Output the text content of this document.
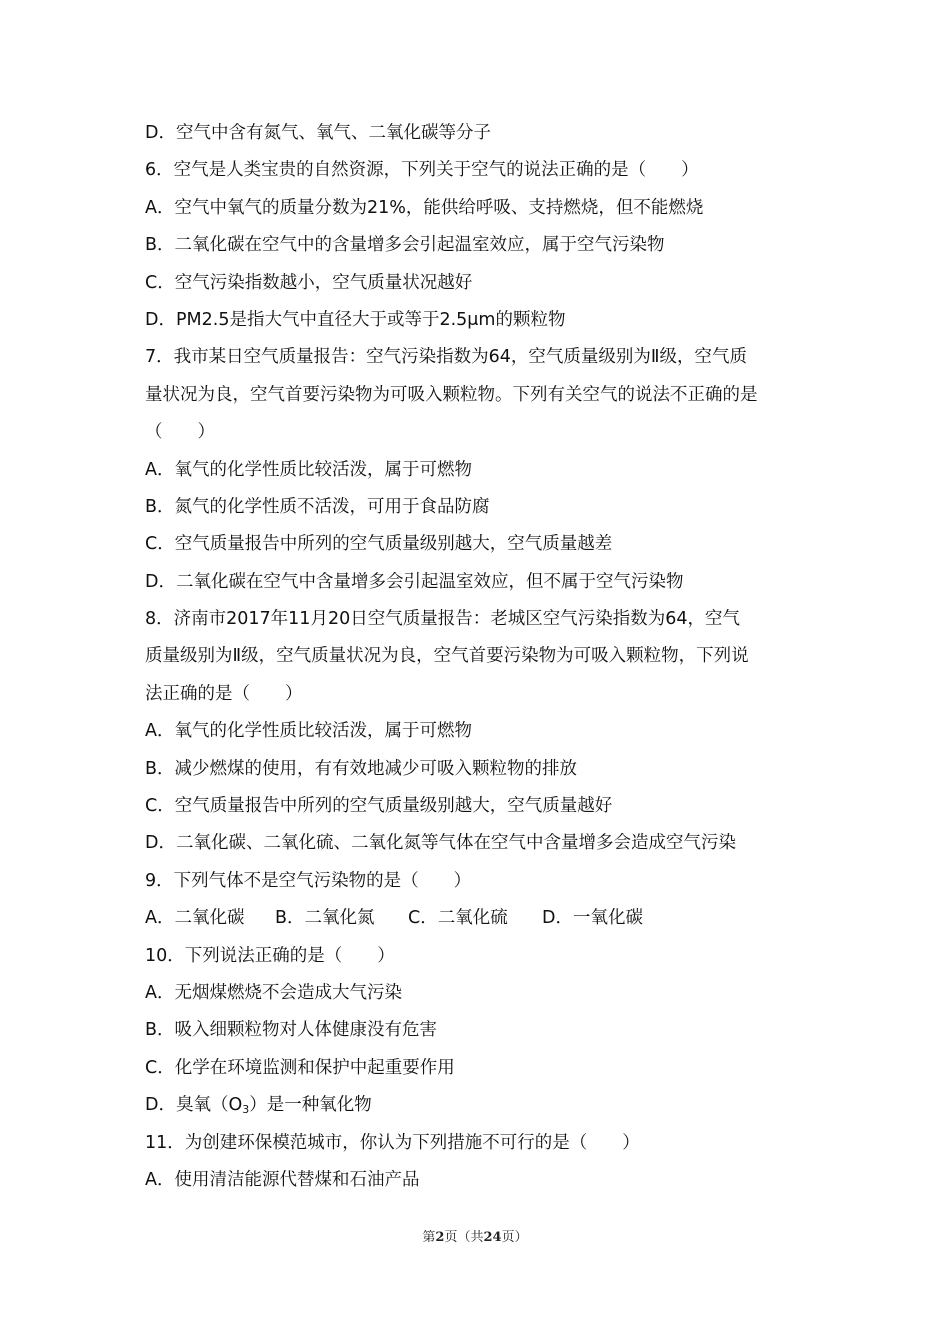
D．空气中含有氮气、氧气、二氧化碳等分子

6．空气是人类宝贵的自然资源，下列关于空气的说法正确的是（　　）

A．空气中氧气的质量分数为21%，能供给呼吸、支持燃烧，但不能燃烧

B．二氧化碳在空气中的含量增多会引起温室效应，属于空气污染物

C．空气污染指数越小，空气质量状况越好

D．PM2.5是指大气中直径大于或等于2.5μm的颗粒物

7．我市某日空气质量报告：空气污染指数为64，空气质量级别为Ⅱ级，空气质

量状况为良，空气首要污染物为可吸入颗粒物。下列有关空气的说法不正确的是

（　　）

A．氧气的化学性质比较活泼，属于可燃物

B．氮气的化学性质不活泼，可用于食品防腐

C．空气质量报告中所列的空气质量级别越大，空气质量越差

D．二氧化碳在空气中含量增多会引起温室效应，但不属于空气污染物

8．济南市2017年11月20日空气质量报告：老城区空气污染指数为64，空气

质量级别为Ⅱ级，空气质量状况为良，空气首要污染物为可吸入颗粒物，下列说

法正确的是（　　）

A．氧气的化学性质比较活泼，属于可燃物

B．减少燃煤的使用，有有效地减少可吸入颗粒物的排放

C．空气质量报告中所列的空气质量级别越大，空气质量越好

D．二氧化碳、二氧化硫、二氧化氮等气体在空气中含量增多会造成空气污染

9．下列气体不是空气污染物的是（　　）

A．二氧化碳	B．二氧化氮	C．二氧化硫	D．一氧化碳

10．下列说法正确的是（　　）

A．无烟煤燃烧不会造成大气污染

B．吸入细颗粒物对人体健康没有危害

C．化学在环境监测和保护中起重要作用

D．臭氧$(O_3)$是一种氧化物

11．为创建环保模范城市，你认为下列措施不可行的是（　　）

A．使用清洁能源代替煤和石油产品

第2页（共24页）
